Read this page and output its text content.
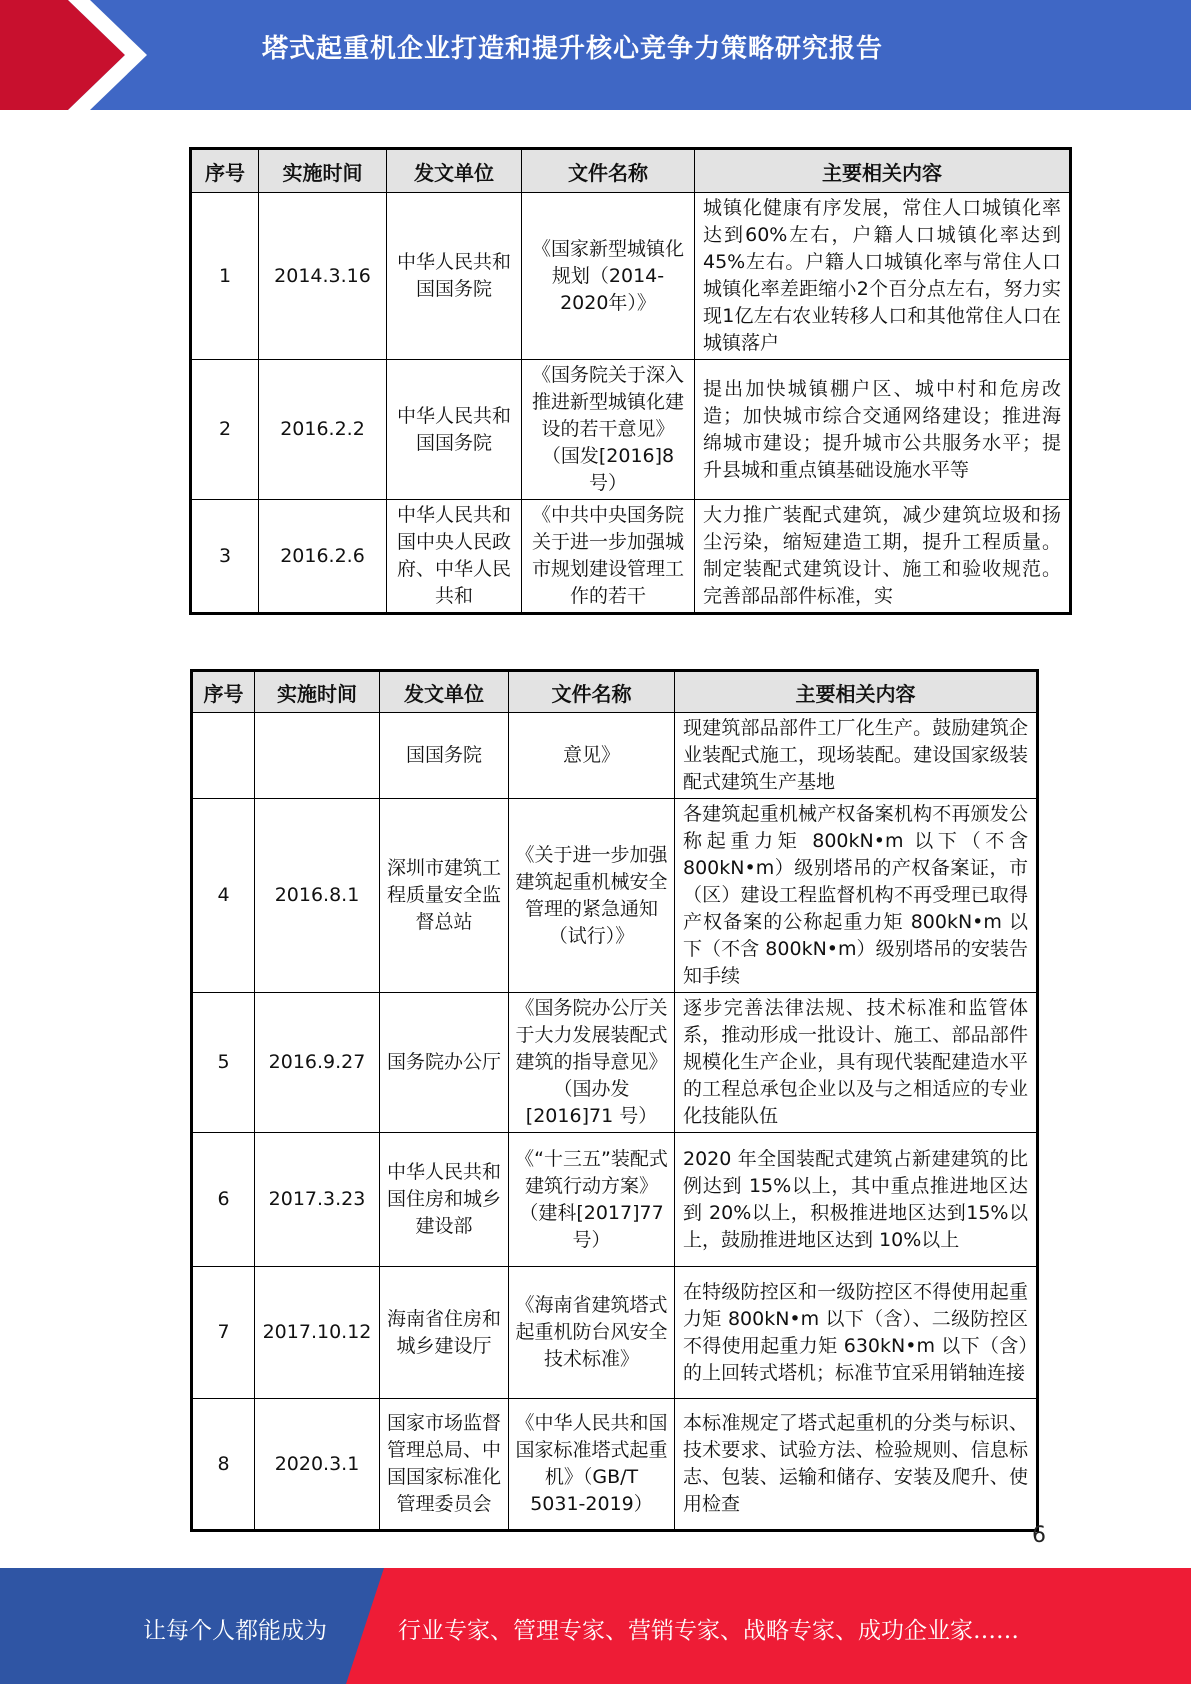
塔式起重机企业打造和提升核心竞争力策略研究报告
序号	实施时间	发文单位	文件名称	主要相关内容
1	2014.3.16	中华人民共和国国务院	《国家新型城镇化规划（2014-2020年）》	城镇化健康有序发展，常住人口城镇化率达到60%左右，户籍人口城镇化率达到45%左右。户籍人口城镇化率与常住人口城镇化率差距缩小2个百分点左右，努力实现1亿左右农业转移人口和其他常住人口在城镇落户
2	2016.2.2	中华人民共和国国务院	《国务院关于深入推进新型城镇化建设的若干意见》（国发[2016]8 号）	提出加快城镇棚户区、城中村和危房改造；加快城市综合交通网络建设；推进海绵城市建设；提升城市公共服务水平；提升县城和重点镇基础设施水平等
3	2016.2.6	中华人民共和国中央人民政府、中华人民共和	《中共中央国务院关于进一步加强城市规划建设管理工作的若干	大力推广装配式建筑，减少建筑垃圾和扬尘污染，缩短建造工期，提升工程质量。制定装配式建筑设计、施工和验收规范。完善部品部件标准，实
序号	实施时间	发文单位	文件名称	主要相关内容
		国国务院	意见》	现建筑部品部件工厂化生产。鼓励建筑企业装配式施工，现场装配。建设国家级装配式建筑生产基地
4	2016.8.1	深圳市建筑工程质量安全监督总站	《关于进一步加强建筑起重机械安全管理的紧急通知（试行）》	各建筑起重机械产权备案机构不再颁发公称起重力矩 800kN•m 以下（不含 800kN•m）级别塔吊的产权备案证，市（区）建设工程监督机构不再受理已取得产权备案的公称起重力矩 800kN•m 以下（不含 800kN•m）级别塔吊的安装告知手续
5	2016.9.27	国务院办公厅	《国务院办公厅关于大力发展装配式建筑的指导意见》（国办发[2016]71 号）	逐步完善法律法规、技术标准和监管体系，推动形成一批设计、施工、部品部件规模化生产企业，具有现代装配建造水平的工程总承包企业以及与之相适应的专业化技能队伍
6	2017.3.23	中华人民共和国住房和城乡建设部	《“十三五”装配式建筑行动方案》（建科[2017]77 号）	2020 年全国装配式建筑占新建建筑的比例达到 15%以上，其中重点推进地区达到 20%以上，积极推进地区达到15%以上，鼓励推进地区达到 10%以上
7	2017.10.12	海南省住房和城乡建设厅	《海南省建筑塔式起重机防台风安全技术标准》	在特级防控区和一级防控区不得使用起重力矩 800kN•m 以下（含）、二级防控区不得使用起重力矩 630kN•m 以下（含）的上回转式塔机；标准节宜采用销轴连接
8	2020.3.1	国家市场监督管理总局、中国国家标准化管理委员会	《中华人民共和国国家标准塔式起重机》（GB/T 5031-2019）	本标准规定了塔式起重机的分类与标识、技术要求、试验方法、检验规则、信息标志、包装、运输和储存、安装及爬升、使用检查
6
让每个人都能成为	行业专家、管理专家、营销专家、战略专家、成功企业家……
